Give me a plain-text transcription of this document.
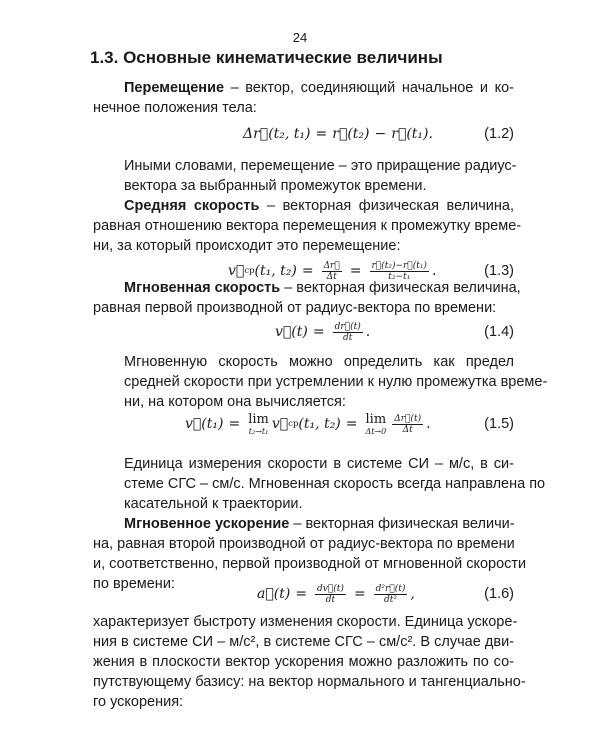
24
1.3. Основные кинематические величины
Перемещение – вектор, соединяющий начальное и ко-
нечное положения тела:
Δr⃗(t₂, t₁) = r⃗(t₂) − r⃗(t₁).	(1.2)
Иными словами, перемещение – это приращение радиус-
вектора за выбранный промежуток времени.
Средняя скорость – векторная физическая величина,
равная отношению вектора перемещения к промежутку време-
ни, за который происходит это перемещение:
v⃗ ср (t₁, $t_2) = \frac{\Delta r⃗}{\Delta t} = \frac{\text{r⃗(t₂)−r⃗(t₁)}}{\text{t₂−t₁}}$ .	(1.3)
Мгновенная скорость – векторная физическая величина,
равная первой производной от радиус-вектора по времени:
v⃗(t) = $\frac{dr⃗(t)}{dt}$ .	(1.4)
Мгновенную скорость можно определить как предел
средней скорости при устремлении к нулю промежутка време-
ни, на котором она вычисляется:
v⃗(t₁) = lim
t₂→t₁ v⃗ ср (t₁, t₂) = lim
$\Delta t\to 0 \frac{\Delta r⃗(t)}{\Delta t}$ .	(1.5)
Единица измерения скорости в системе СИ – м/с, в си-
стеме СГС – см/с. Мгновенная скорость всегда направлена по
касательной к траектории.
Мгновенное ускорение – векторная физическая величи-
на, равная второй производной от радиус-вектора по времени
и, соответственно, первой производной от мгновенной скорости
по времени:
a⃗(t) = $\frac{dv⃗(t)}{dt} = \frac{\text{d²r⃗(t)}}{\text{dt²}}$ ,	(1.6)
характеризует быстроту изменения скорости. Единица ускоре-
ния в системе СИ – м/с², в системе СГС – см/с². В случае дви-
жения в плоскости вектор ускорения можно разложить по со-
путствующему базису: на вектор нормального и тангенциально-
го ускорения:
